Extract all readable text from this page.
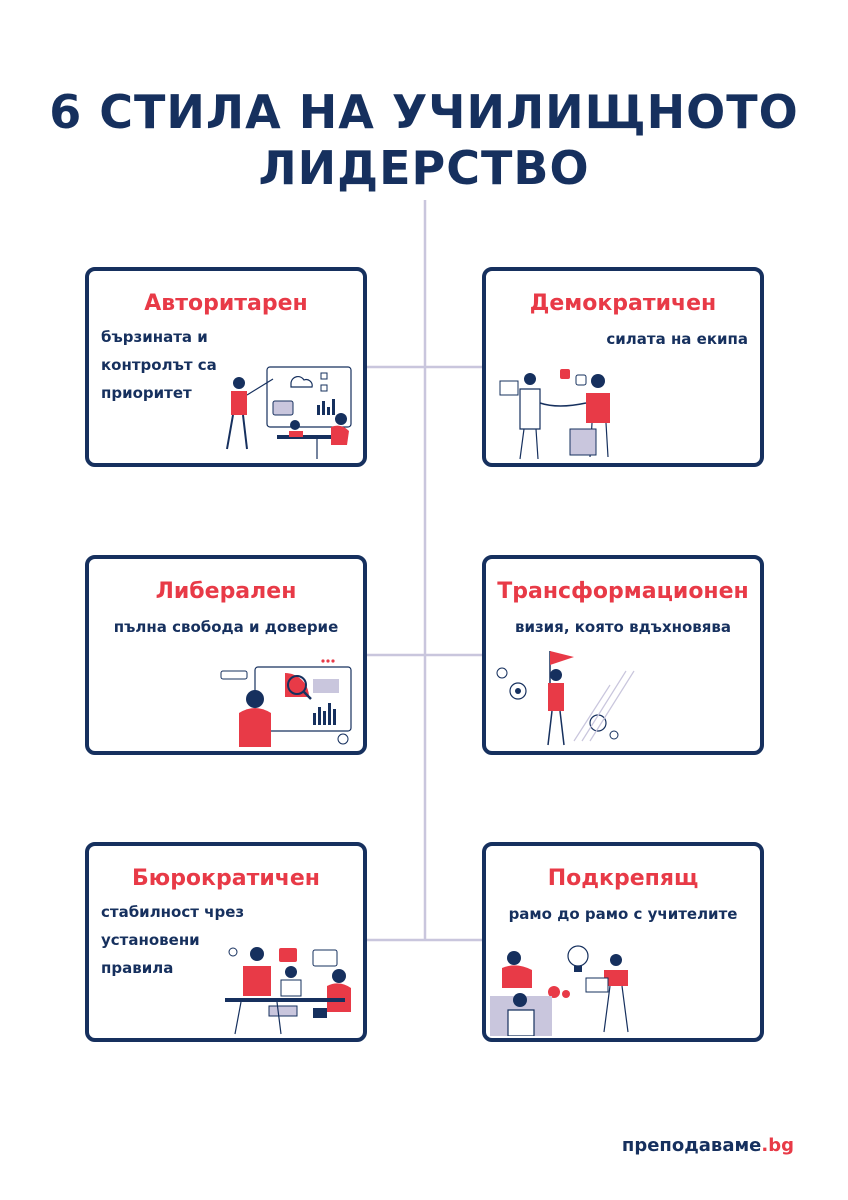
6 СТИЛА НА УЧИЛИЩНОТО
ЛИДЕРСТВО
Авторитарен
бързината и
контролът са
приоритет
Демократичен
силата на екипа
Либерален
пълна свобода и доверие
Трансформационен
визия, която вдъхновява
Бюрократичен
стабилност чрез
установени
правила
Подкрепящ
рамо до рамо с учителите
преподаваме.bg
